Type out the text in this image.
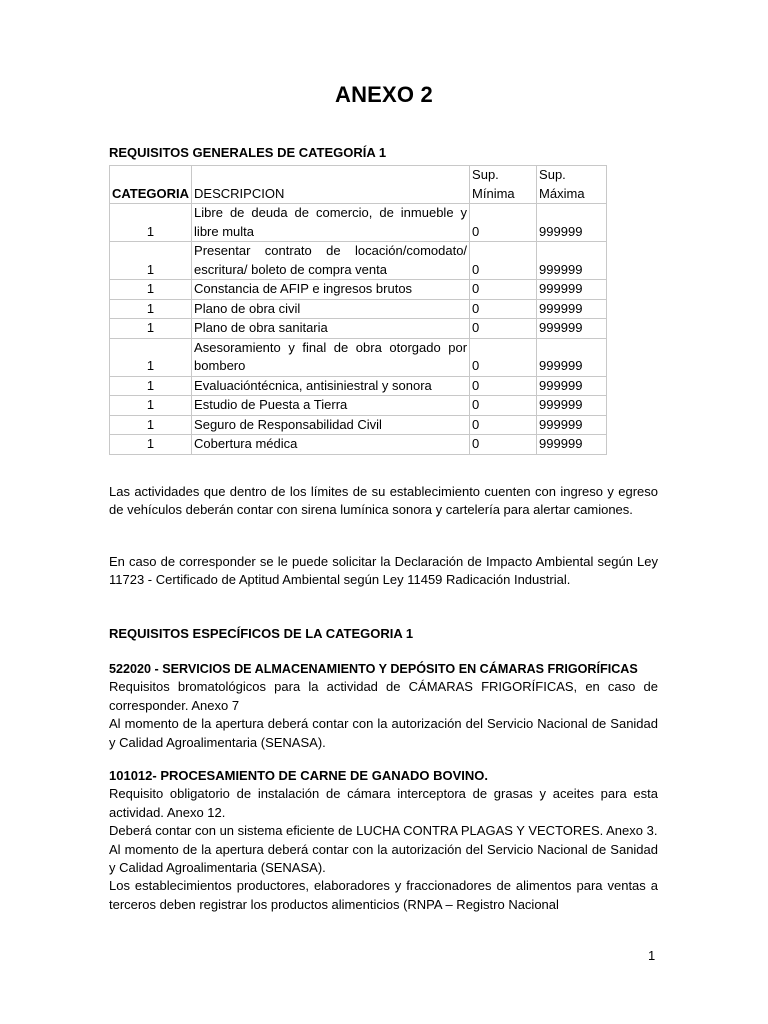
ANEXO 2
REQUISITOS GENERALES DE CATEGORÍA 1
CATEGORIA	DESCRIPCION	Sup. Mínima	Sup. Máxima
1	Libre de deuda de comercio, de inmueble y libre multa	0	999999
1	Presentar contrato de locación/comodato/ escritura/ boleto de compra venta	0	999999
1	Constancia de AFIP e ingresos brutos	0	999999
1	Plano de obra civil	0	999999
1	Plano de obra sanitaria	0	999999
1	Asesoramiento y final de obra otorgado por bombero	0	999999
1	Evaluacióntécnica, antisiniestral y sonora	0	999999
1	Estudio de Puesta a Tierra	0	999999
1	Seguro de Responsabilidad Civil	0	999999
1	Cobertura médica	0	999999
Las actividades que dentro de los límites de su establecimiento cuenten con ingreso y egreso de vehículos deberán contar con sirena lumínica sonora y cartelería para alertar camiones.
En caso de corresponder se le puede solicitar la Declaración de Impacto Ambiental según Ley 11723 - Certificado de Aptitud Ambiental según Ley 11459 Radicación Industrial.
REQUISITOS ESPECÍFICOS DE LA CATEGORIA 1

522020 - SERVICIOS DE ALMACENAMIENTO Y DEPÓSITO EN CÁMARAS FRIGORÍFICAS

Requisitos bromatológicos para la actividad de CÁMARAS FRIGORÍFICAS, en caso de corresponder. Anexo 7

Al momento de la apertura deberá contar con la autorización del Servicio Nacional de Sanidad y Calidad Agroalimentaria (SENASA).

101012- PROCESAMIENTO DE CARNE DE GANADO BOVINO.

Requisito obligatorio de instalación de cámara interceptora de grasas y aceites para esta actividad. Anexo 12.

Deberá contar con un sistema eficiente de LUCHA CONTRA PLAGAS Y VECTORES. Anexo 3.

Al momento de la apertura deberá contar con la autorización del Servicio Nacional de Sanidad y Calidad Agroalimentaria (SENASA).

Los establecimientos productores, elaboradores y fraccionadores de alimentos para ventas a terceros deben registrar los productos alimenticios (RNPA – Registro Nacional

1
